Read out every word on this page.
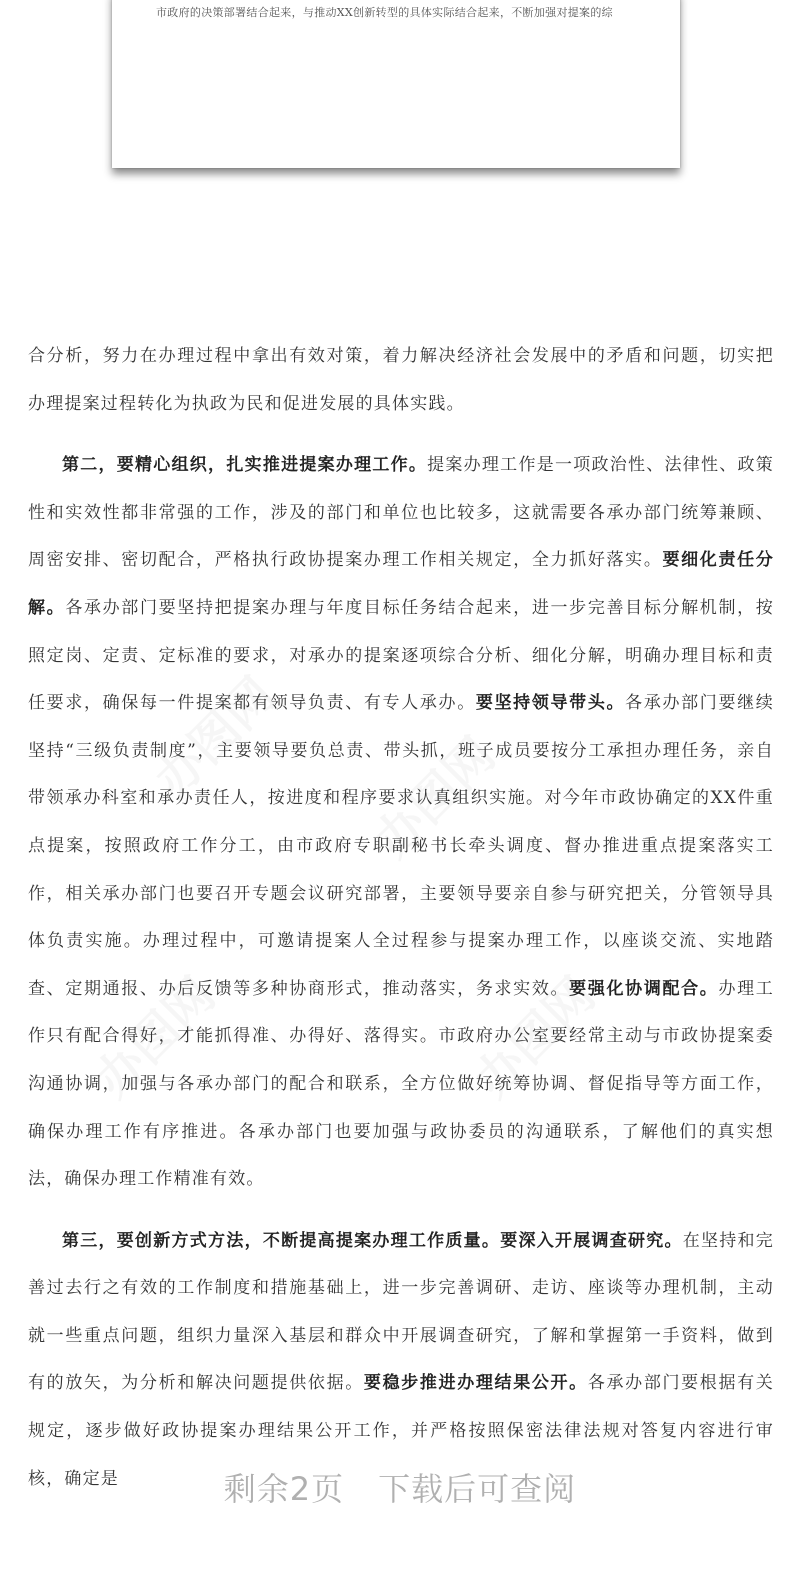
市政府的决策部署结合起来，与推动XX创新转型的具体实际结合起来，不断加强对提案的综

合分析，努力在办理过程中拿出有效对策，着力解决经济社会发展中的矛盾和问题，切实把办理提案过程转化为执政为民和促进发展的具体实践。

第二，要精心组织，扎实推进提案办理工作。提案办理工作是一项政治性、法律性、政策性和实效性都非常强的工作，涉及的部门和单位也比较多，这就需要各承办部门统筹兼顾、周密安排、密切配合，严格执行政协提案办理工作相关规定，全力抓好落实。要细化责任分解。各承办部门要坚持把提案办理与年度目标任务结合起来，进一步完善目标分解机制，按照定岗、定责、定标准的要求，对承办的提案逐项综合分析、细化分解，明确办理目标和责任要求，确保每一件提案都有领导负责、有专人承办。要坚持领导带头。各承办部门要继续坚持“三级负责制度”，主要领导要负总责、带头抓，班子成员要按分工承担办理任务，亲自带领承办科室和承办责任人，按进度和程序要求认真组织实施。对今年市政协确定的XX件重点提案，按照政府工作分工，由市政府专职副秘书长牵头调度、督办推进重点提案落实工作，相关承办部门也要召开专题会议研究部署，主要领导要亲自参与研究把关，分管领导具体负责实施。办理过程中，可邀请提案人全过程参与提案办理工作，以座谈交流、实地踏查、定期通报、办后反馈等多种协商形式，推动落实，务求实效。要强化协调配合。办理工作只有配合得好，才能抓得准、办得好、落得实。市政府办公室要经常主动与市政协提案委沟通协调，加强与各承办部门的配合和联系，全方位做好统筹协调、督促指导等方面工作，确保办理工作有序推进。各承办部门也要加强与政协委员的沟通联系，了解他们的真实想法，确保办理工作精准有效。

第三，要创新方式方法，不断提高提案办理工作质量。要深入开展调查研究。在坚持和完善过去行之有效的工作制度和措施基础上，进一步完善调研、走访、座谈等办理机制，主动就一些重点问题，组织力量深入基层和群众中开展调查研究，了解和掌握第一手资料，做到有的放矢，为分析和解决问题提供依据。要稳步推进办理结果公开。各承办部门要根据有关规定，逐步做好政协提案办理结果公开工作，并严格按照保密法律法规对答复内容进行审核，确定是	剩余2页 下载后可查阅
